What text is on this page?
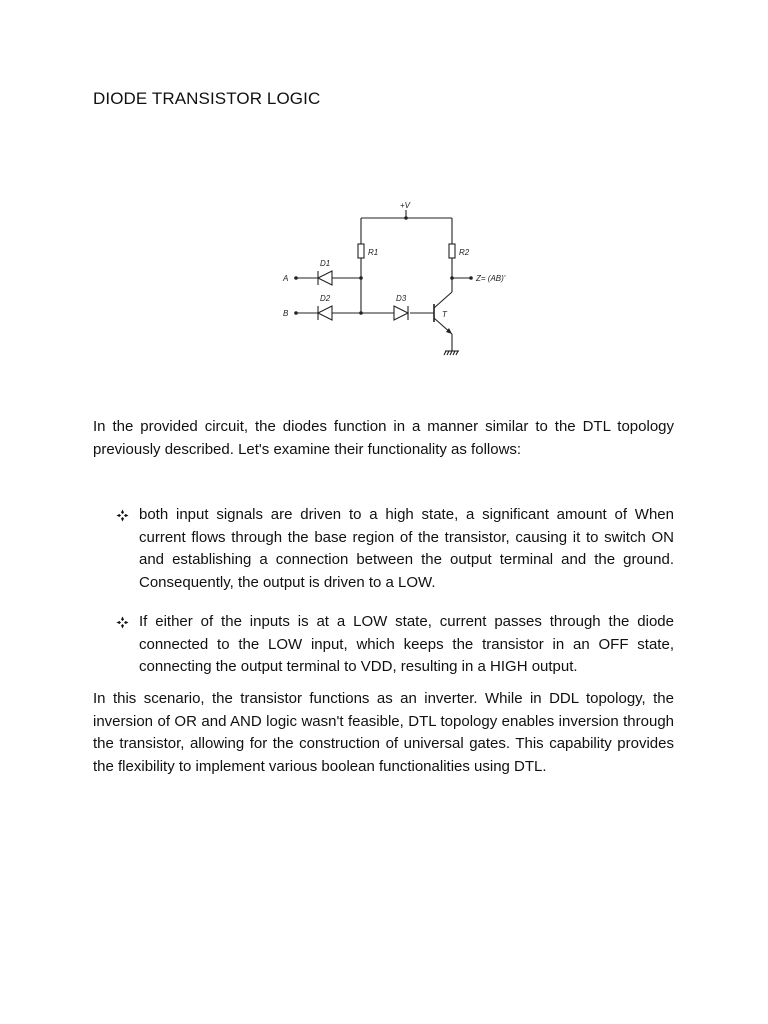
DIODE TRANSISTOR LOGIC
+V
R1	R2
D1
D2	D3
A
B	T
Z= (AB)'

In the provided circuit, the diodes function in a manner similar to the DTL topology previously described. Let's examine their functionality as follows:

both input signals are driven to a high state, a significant amount of When current flows through the base region of the transistor, causing it to switch ON and establishing a connection between the output terminal and the ground. Consequently, the output is driven to a LOW.
If either of the inputs is at a LOW state, current passes through the diode connected to the LOW input, which keeps the transistor in an OFF state, connecting the output terminal to VDD, resulting in a HIGH output.

In this scenario, the transistor functions as an inverter. While in DDL topology, the inversion of OR and AND logic wasn't feasible, DTL topology enables inversion through the transistor, allowing for the construction of universal gates. This capability provides the flexibility to implement various boolean functionalities using DTL.
